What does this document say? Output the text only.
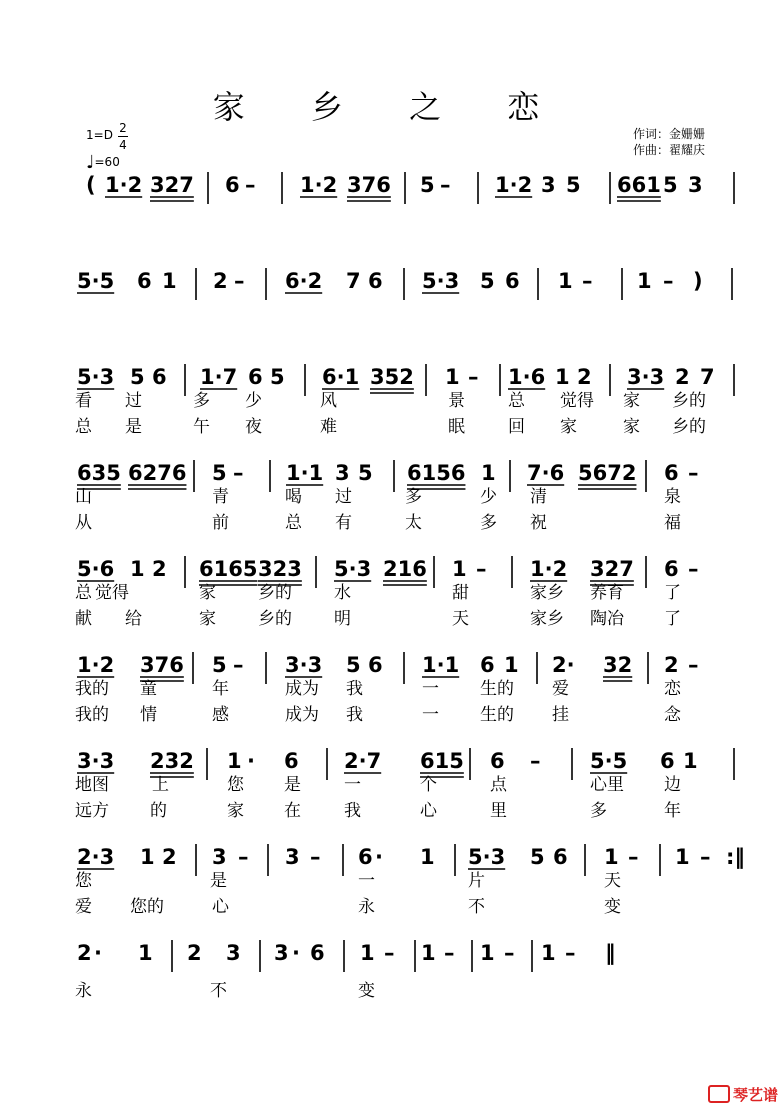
家 乡 之 恋
1=D 2
4
♩=60
作词：金姗姗
作曲：翟耀庆
( 1·2 327 6 – 1·2 376 5 – 1·2 3 5 661 5 3
5·5 6 1 2 – 6·2 7 6 5·3 5 6 1 – 1 – )
5·3 5 6 1·7 6 5 6·1 352 1 – 1·6 1 2 3·3 2 7
635 6276 5 – 1·1 3 5 6156 1 7·6 5672 6 –
5·6 1 2 6165 323 5·3 216 1 – 1·2 327 6 –
1·2 376 5 – 3·3 5 6 1·1 6 1 2· 32 2 –
3·3 232 1 · 6 2·7 615 6 – 5·5 6 1
2·3 1 2 3 – 3 – 6 · 1 5·3 5 6 1 – 1 – :‖
2 · 1 2 3 3 · 6 1 – 1 – 1 – 1 – ‖
看 过	多 少	风	景	总 觉得 家 乡的
总 是	午 夜	难	眠	回 家	家 乡的
山	青	喝 过	多	少 清	泉
从	前	总 有	太	多 祝	福
总 觉得	家 乡的 水	甜	家乡 养育 了
献 给	家 乡的 明	天	家乡 陶冶 了
我的 童	年	成为 我	一 生的 爱	恋
我的 情	感	成为 我	一 生的 挂	念
地图	上	您 是	一	个	点	心里 边
远方 的	家 在	我	心	里	多	年
您	是	一	片	天
爱 您的	心	永	不	变
永	不	变
琴艺谱
